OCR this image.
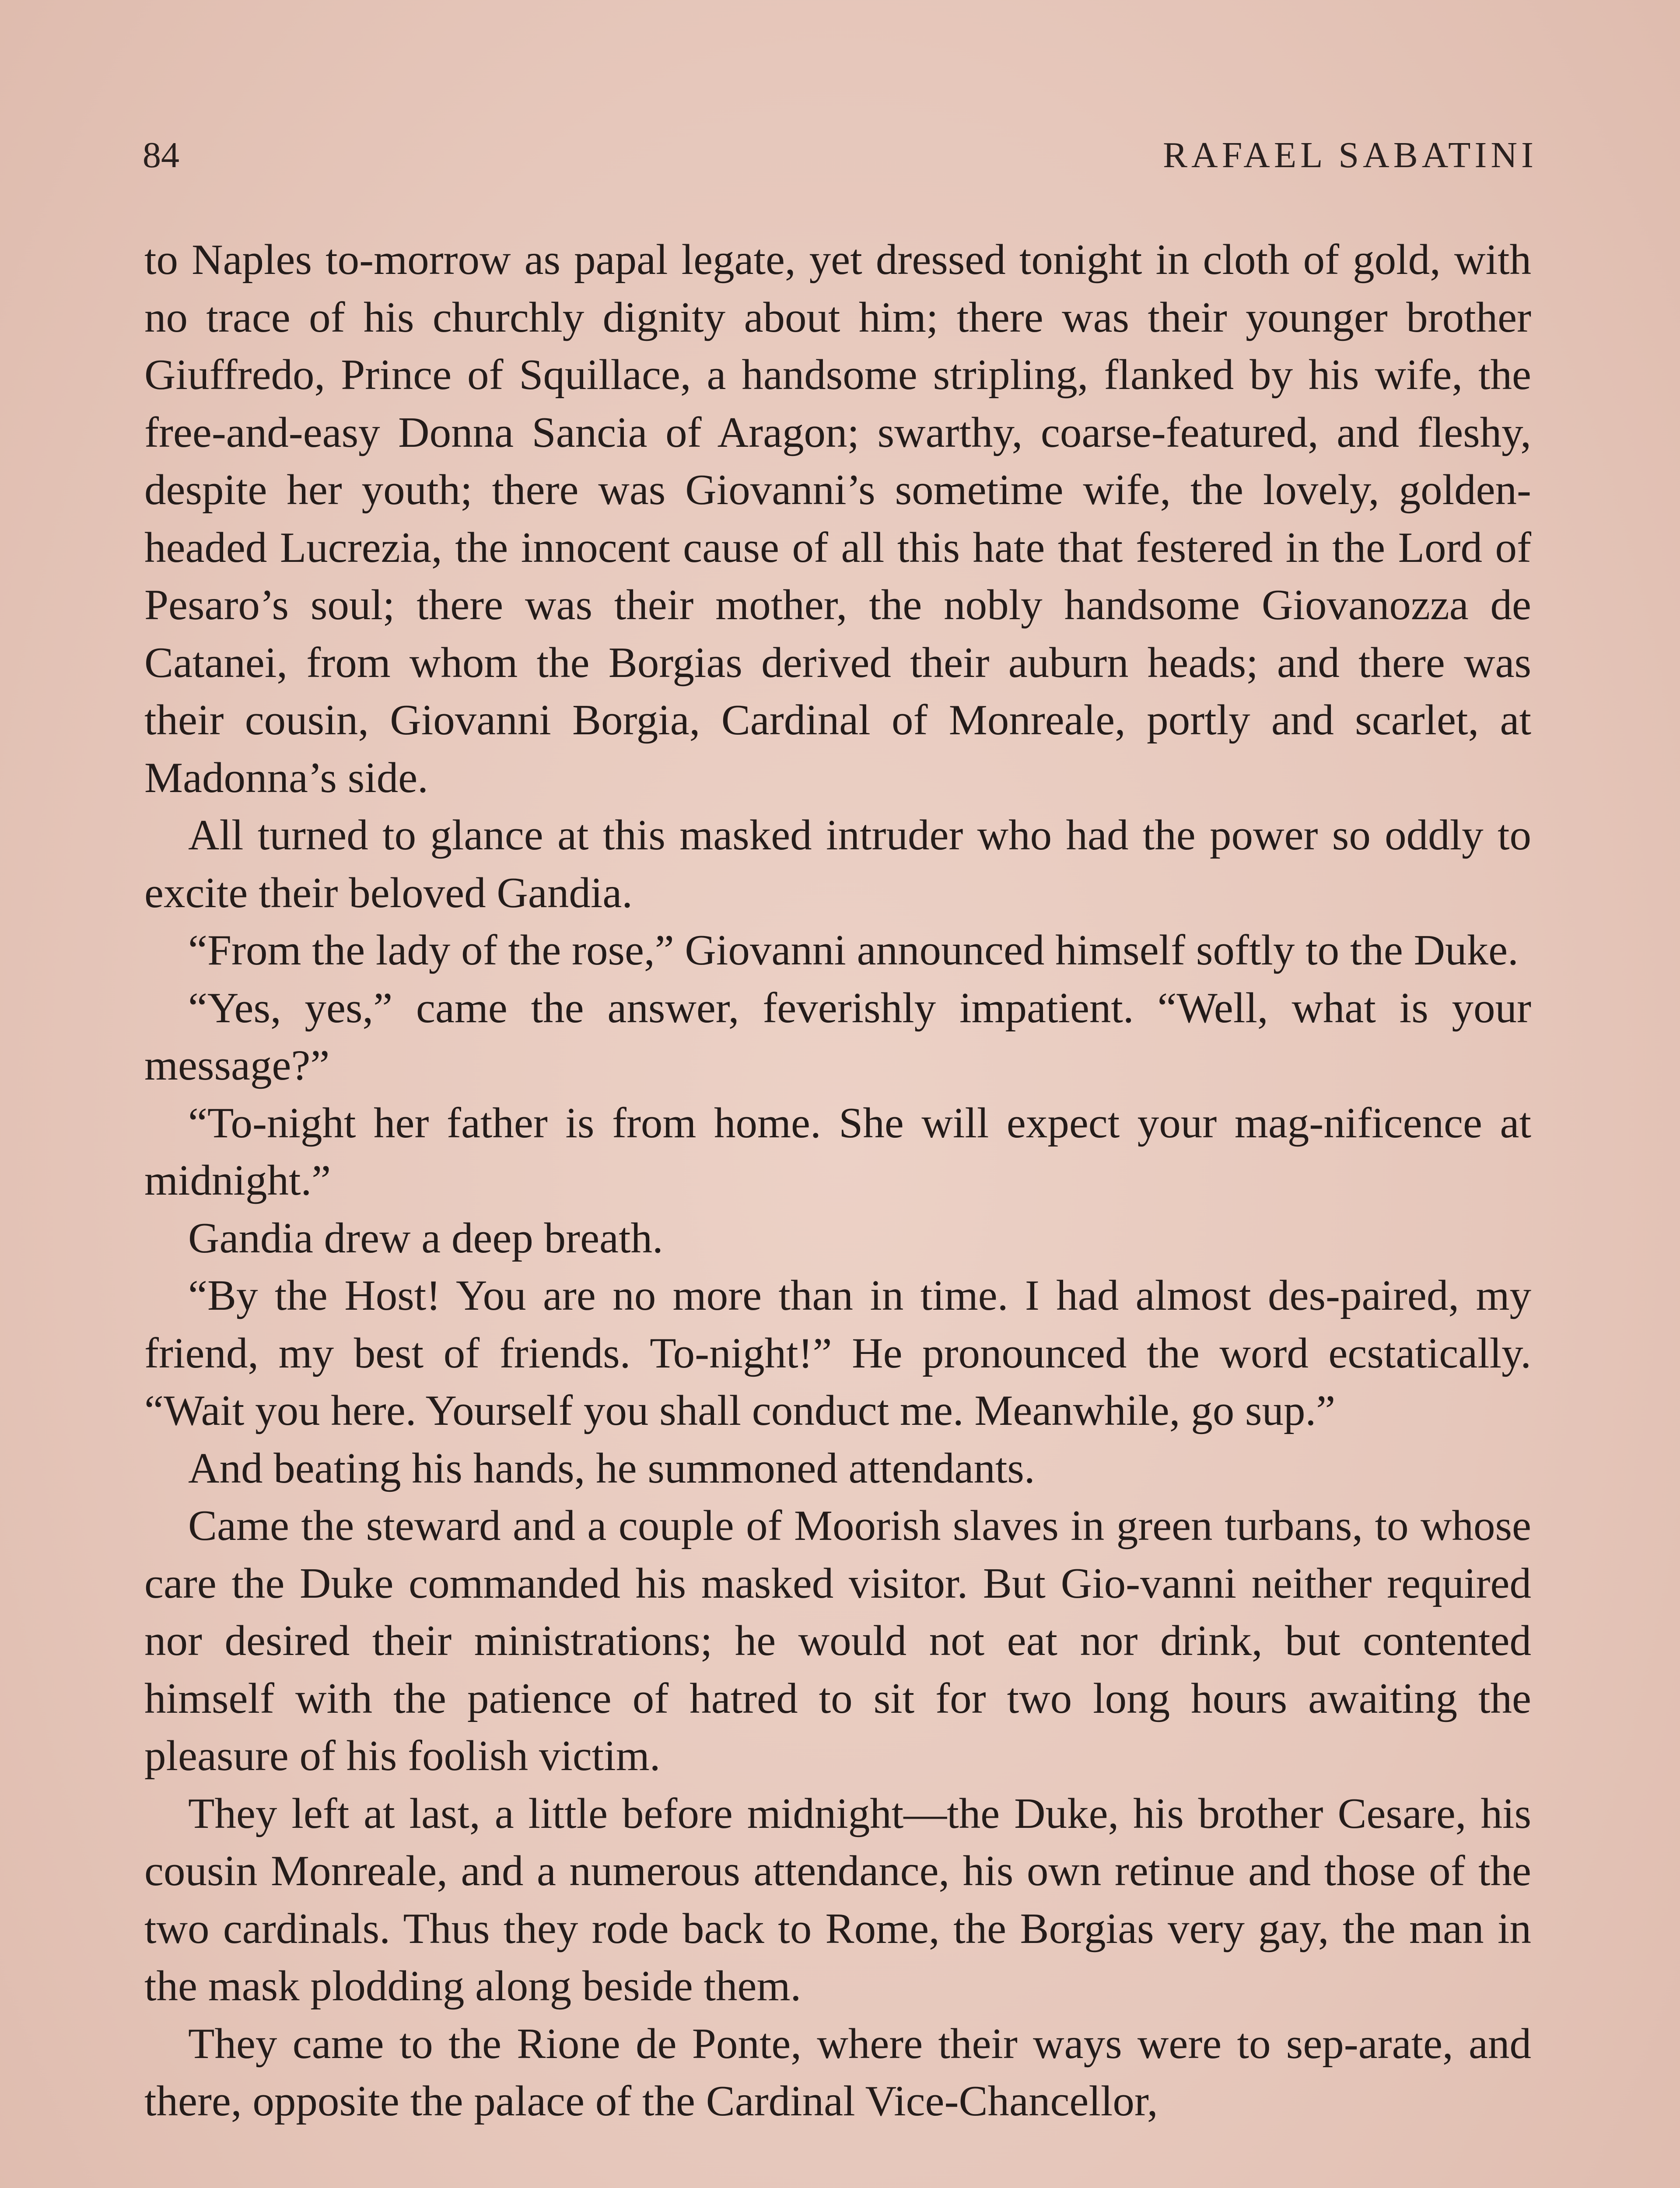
84	RAFAEL SABATINI

to Naples to-morrow as papal legate, yet dressed tonight in cloth of gold, with no trace of his churchly dignity about him; there was their younger brother Giuffredo, Prince of Squillace, a handsome stripling, flanked by his wife, the free-and-easy Donna Sancia of Aragon; swarthy, coarse-featured, and fleshy, despite her youth; there was Giovanni’s sometime wife, the lovely, golden-headed Lucrezia, the innocent cause of all this hate that festered in the Lord of Pesaro’s soul; there was their mother, the nobly handsome Giovanozza de Catanei, from whom the Borgias derived their auburn heads; and there was their cousin, Giovanni Borgia, Cardinal of Monreale, portly and scarlet, at Madonna’s side.

All turned to glance at this masked intruder who had the power so oddly to excite their beloved Gandia.

“From the lady of the rose,” Giovanni announced himself softly to the Duke.

“Yes, yes,” came the answer, feverishly impatient. “Well, what is your message?”

“To-night her father is from home. She will expect your mag-nificence at midnight.”

Gandia drew a deep breath.

“By the Host! You are no more than in time. I had almost des-paired, my friend, my best of friends. To-night!” He pronounced the word ecstatically. “Wait you here. Yourself you shall conduct me. Meanwhile, go sup.”

And beating his hands, he summoned attendants.

Came the steward and a couple of Moorish slaves in green turbans, to whose care the Duke commanded his masked visitor. But Gio-vanni neither required nor desired their ministrations; he would not eat nor drink, but contented himself with the patience of hatred to sit for two long hours awaiting the pleasure of his foolish victim.

They left at last, a little before midnight—the Duke, his brother Cesare, his cousin Monreale, and a numerous attendance, his own retinue and those of the two cardinals. Thus they rode back to Rome, the Borgias very gay, the man in the mask plodding along beside them.

They came to the Rione de Ponte, where their ways were to sep-arate, and there, opposite the palace of the Cardinal Vice-Chancellor,
